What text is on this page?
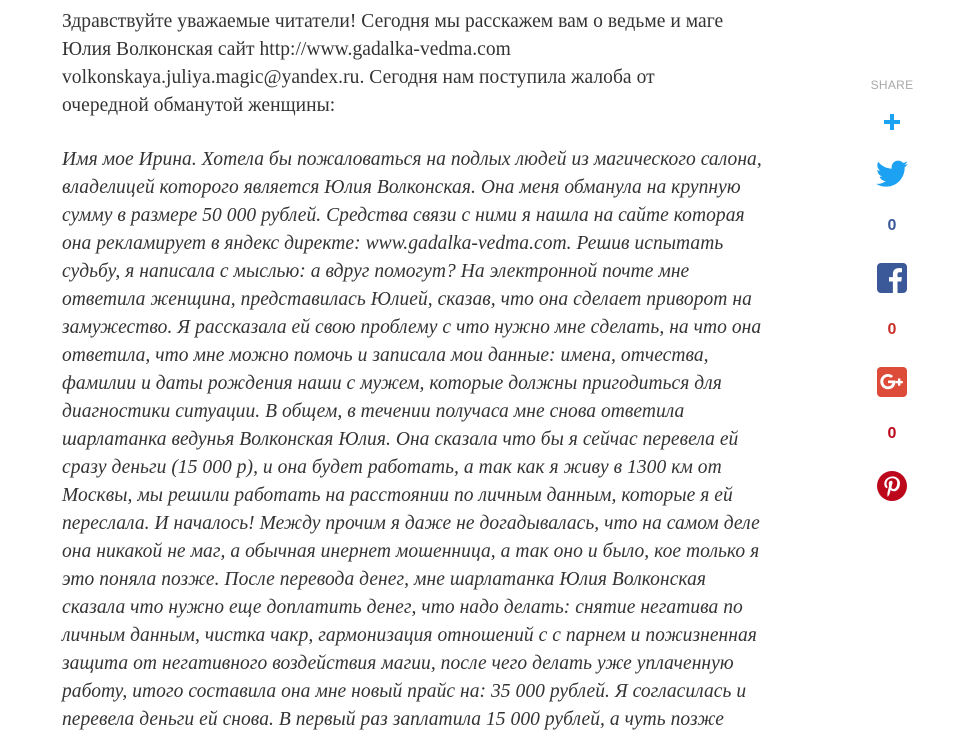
Здравствуйте уважаемые читатели! Сегодня мы расскажем вам о ведьме и маге
Юлия Волконская сайт http://www.gadalka-vedma.com
volkonskaya.juliya.magic@yandex.ru. Сегодня нам поступила жалоба от
очередной обманутой женщины:

Имя мое Ирина. Хотела бы пожаловаться на подлых людей из магического салона,
владелицей которого является Юлия Волконская. Она меня обманула на крупную
сумму в размере 50 000 рублей. Средства связи с ними я нашла на сайте которая
она рекламирует в яндекс директе: www.gadalka-vedma.com. Решив испытать
судьбу, я написала с мыслью: а вдруг помогут? На электронной почте мне
ответила женщина, представилась Юлией, сказав, что она сделает приворот на
замужество. Я рассказала ей свою проблему с что нужно мне сделать, на что она
ответила, что мне можно помочь и записала мои данные: имена, отчества,
фамилии и даты рождения наши с мужем, которые должны пригодиться для
диагностики ситуации. В общем, в течении получаса мне снова ответила
шарлатанка ведунья Волконская Юлия. Она сказала что бы я сейчас перевела ей
сразу деньги (15 000 р), и она будет работать, а так как я живу в 1300 км от
Москвы, мы решили работать на расстоянии по личным данным, которые я ей
переслала. И началось! Между прочим я даже не догадывалась, что на самом деле
она никакой не маг, а обычная инернет мошенница, а так оно и было, кое только я
это поняла позже. После перевода денег, мне шарлатанка Юлия Волконская
сказала что нужно еще доплатить денег, что надо делать: снятие негатива по
личным данным, чистка чакр, гармонизация отношений с с парнем и пожизненная
защита от негативного воздействия магии, после чего делать уже уплаченную
работу, итого составила она мне новый прайс на: 35 000 рублей. Я согласилась и
перевела деньги ей снова. В первый раз заплатила 15 000 рублей, а чуть позже

SHARE
0
0
0
